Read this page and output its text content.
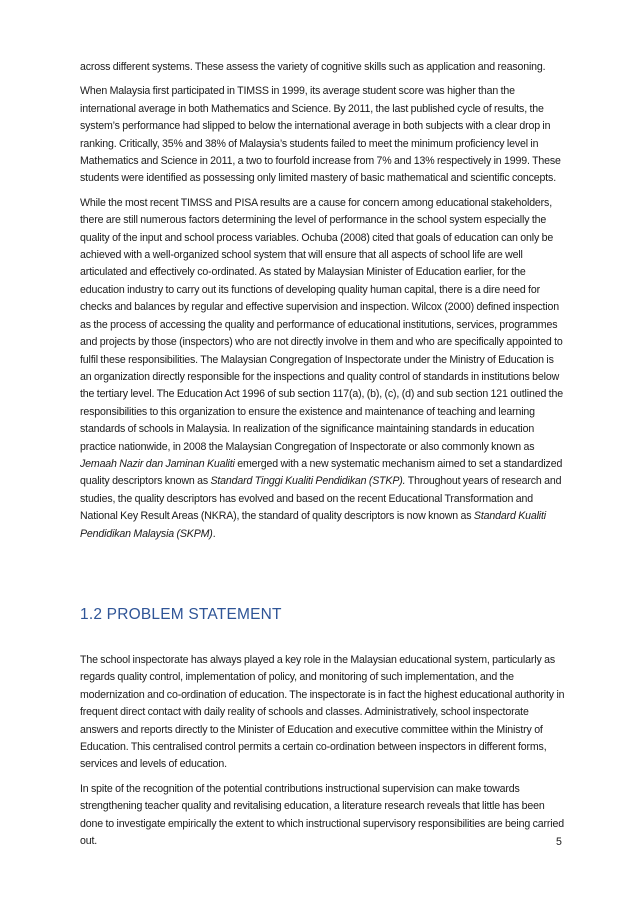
across different systems. These assess the variety of cognitive skills such as application and reasoning.

When Malaysia first participated in TIMSS in 1999, its average student score was higher than the international average in both Mathematics and Science. By 2011, the last published cycle of results, the system’s performance had slipped to below the international average in both subjects with a clear drop in ranking. Critically, 35% and 38% of Malaysia’s students failed to meet the minimum proficiency level in Mathematics and Science in 2011, a two to fourfold increase from 7% and 13% respectively in 1999. These students were identified as possessing only limited mastery of basic mathematical and scientific concepts.

While the most recent TIMSS and PISA results are a cause for concern among educational stakeholders, there are still numerous factors determining the level of performance in the school system especially the quality of the input and school process variables. Ochuba (2008) cited that goals of education can only be achieved with a well-organized school system that will ensure that all aspects of school life are well articulated and effectively co-ordinated. As stated by Malaysian Minister of Education earlier, for the education industry to carry out its functions of developing quality human capital, there is a dire need for checks and balances by regular and effective supervision and inspection. Wilcox (2000) defined inspection as the process of accessing the quality and performance of educational institutions, services, programmes and projects by those (inspectors) who are not directly involve in them and who are specifically appointed to fulfil these responsibilities. The Malaysian Congregation of Inspectorate under the Ministry of Education is an organization directly responsible for the inspections and quality control of standards in institutions below the tertiary level. The Education Act 1996 of sub section 117(a), (b), (c), (d) and sub section 121 outlined the responsibilities to this organization to ensure the existence and maintenance of teaching and learning standards of schools in Malaysia. In realization of the significance maintaining standards in education practice nationwide, in 2008 the Malaysian Congregation of Inspectorate or also commonly known as Jemaah Nazir dan Jaminan Kualiti emerged with a new systematic mechanism aimed to set a standardized quality descriptors known as Standard Tinggi Kualiti Pendidikan (STKP). Throughout years of research and studies, the quality descriptors has evolved and based on the recent Educational Transformation and National Key Result Areas (NKRA), the standard of quality descriptors is now known as Standard Kualiti Pendidikan Malaysia (SKPM).

1.2 PROBLEM STATEMENT

The school inspectorate has always played a key role in the Malaysian educational system, particularly as regards quality control, implementation of policy, and monitoring of such implementation, and the modernization and co-ordination of education. The inspectorate is in fact the highest educational authority in frequent direct contact with daily reality of schools and classes. Administratively, school inspectorate answers and reports directly to the Minister of Education and executive committee within the Ministry of Education. This centralised control permits a certain co-ordination between inspectors in different forms, services and levels of education.

In spite of the recognition of the potential contributions instructional supervision can make towards strengthening teacher quality and revitalising education, a literature research reveals that little has been done to investigate empirically the extent to which instructional supervisory responsibilities are being carried out.	5
